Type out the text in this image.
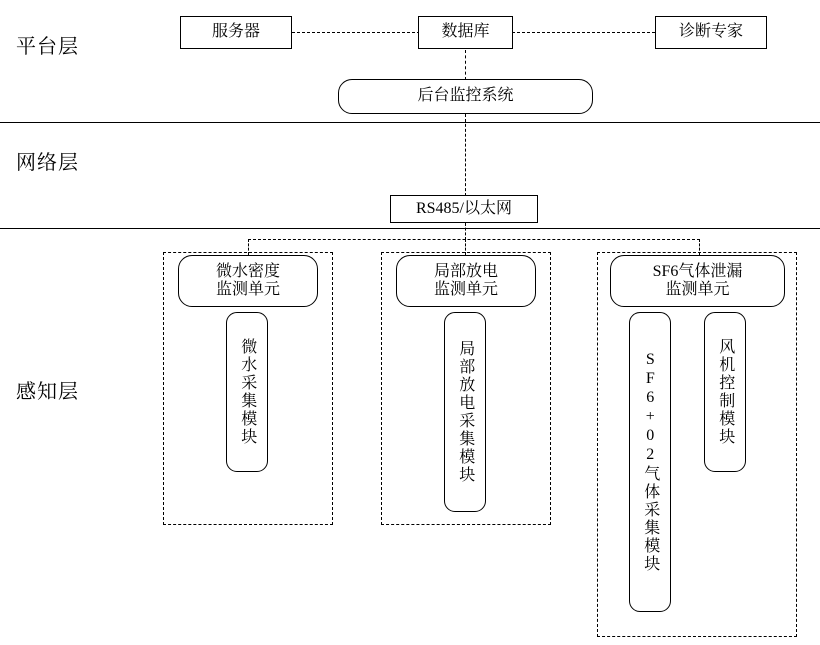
平台层
网络层
感知层
服务器	数据库	诊断专家
后台监控系统
RS485/以太网
微水密度
监测单元
微水采集模块
局部放电
监测单元
局部放电采集模块
SF6气体泄漏
监测单元
SF6+02气体采集模块	风机控制模块
